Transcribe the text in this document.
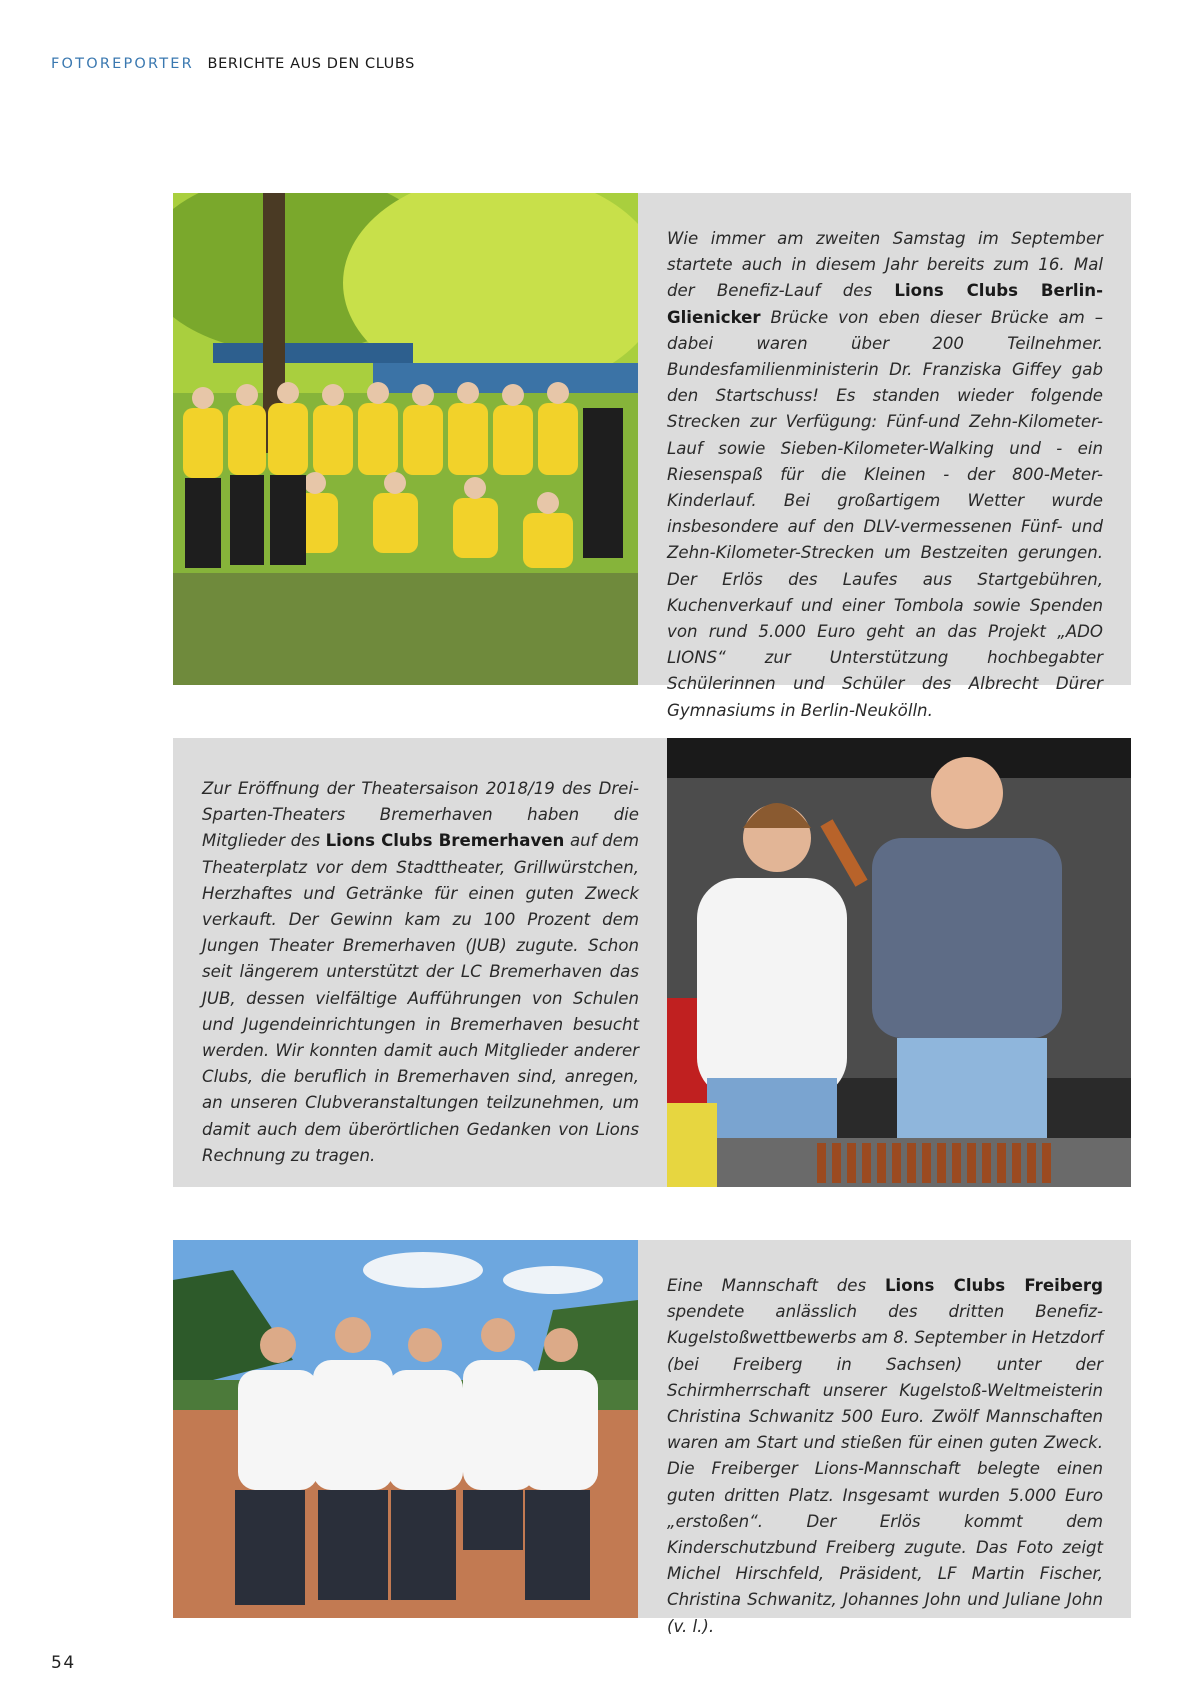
FOTOREPORTER BERICHTE AUS DEN CLUBS
Wie immer am zweiten Samstag im September startete auch in diesem Jahr bereits zum 16. Mal der Benefiz-Lauf des Lions Clubs Berlin-Glienicker Brücke von eben dieser Brücke am – dabei waren über 200 Teilnehmer. Bundesfamilienministerin Dr. Franziska Giffey gab den Startschuss! Es standen wieder folgende Strecken zur Verfügung: Fünf-und Zehn-Kilometer-Lauf sowie Sieben-Kilometer-Walking und - ein Riesenspaß für die Kleinen - der 800-Meter-Kinderlauf. Bei großartigem Wetter wurde insbesondere auf den DLV-vermessenen Fünf- und Zehn-Kilometer-Strecken um Bestzeiten gerungen. Der Erlös des Laufes aus Startgebühren, Kuchenverkauf und einer Tombola sowie Spenden von rund 5.000 Euro geht an das Projekt „ADO LIONS“ zur Unterstützung hochbegabter Schülerinnen und Schüler des Albrecht Dürer Gymnasiums in Berlin-Neukölln.
Zur Eröffnung der Theatersaison 2018/19 des Drei-Sparten-Theaters Bremerhaven haben die Mitglieder des Lions Clubs Bremerhaven auf dem Theaterplatz vor dem Stadttheater, Grillwürstchen, Herzhaftes und Getränke für einen guten Zweck verkauft. Der Gewinn kam zu 100 Prozent dem Jungen Theater Bremerhaven (JUB) zugute. Schon seit längerem unterstützt der LC Bremerhaven das JUB, dessen vielfältige Aufführungen von Schulen und Jugendeinrichtungen in Bremerhaven besucht werden. Wir konnten damit auch Mitglieder anderer Clubs, die beruflich in Bremerhaven sind, anregen, an unseren Clubveranstaltungen teilzunehmen, um damit auch dem überörtlichen Gedanken von Lions Rechnung zu tragen.
Eine Mannschaft des Lions Clubs Freiberg spendete anlässlich des dritten Benefiz-Kugelstoßwettbewerbs am 8. September in Hetzdorf (bei Freiberg in Sachsen) unter der Schirmherrschaft unserer Kugelstoß-Weltmeisterin Christina Schwanitz 500 Euro. Zwölf Mannschaften waren am Start und stießen für einen guten Zweck. Die Freiberger Lions-Mannschaft belegte einen guten dritten Platz. Insgesamt wurden 5.000 Euro „erstoßen“. Der Erlös kommt dem Kinderschutzbund Freiberg zugute. Das Foto zeigt Michel Hirschfeld, Präsident, LF Martin Fischer, Christina Schwanitz, Johannes John und Juliane John (v. l.).
54
